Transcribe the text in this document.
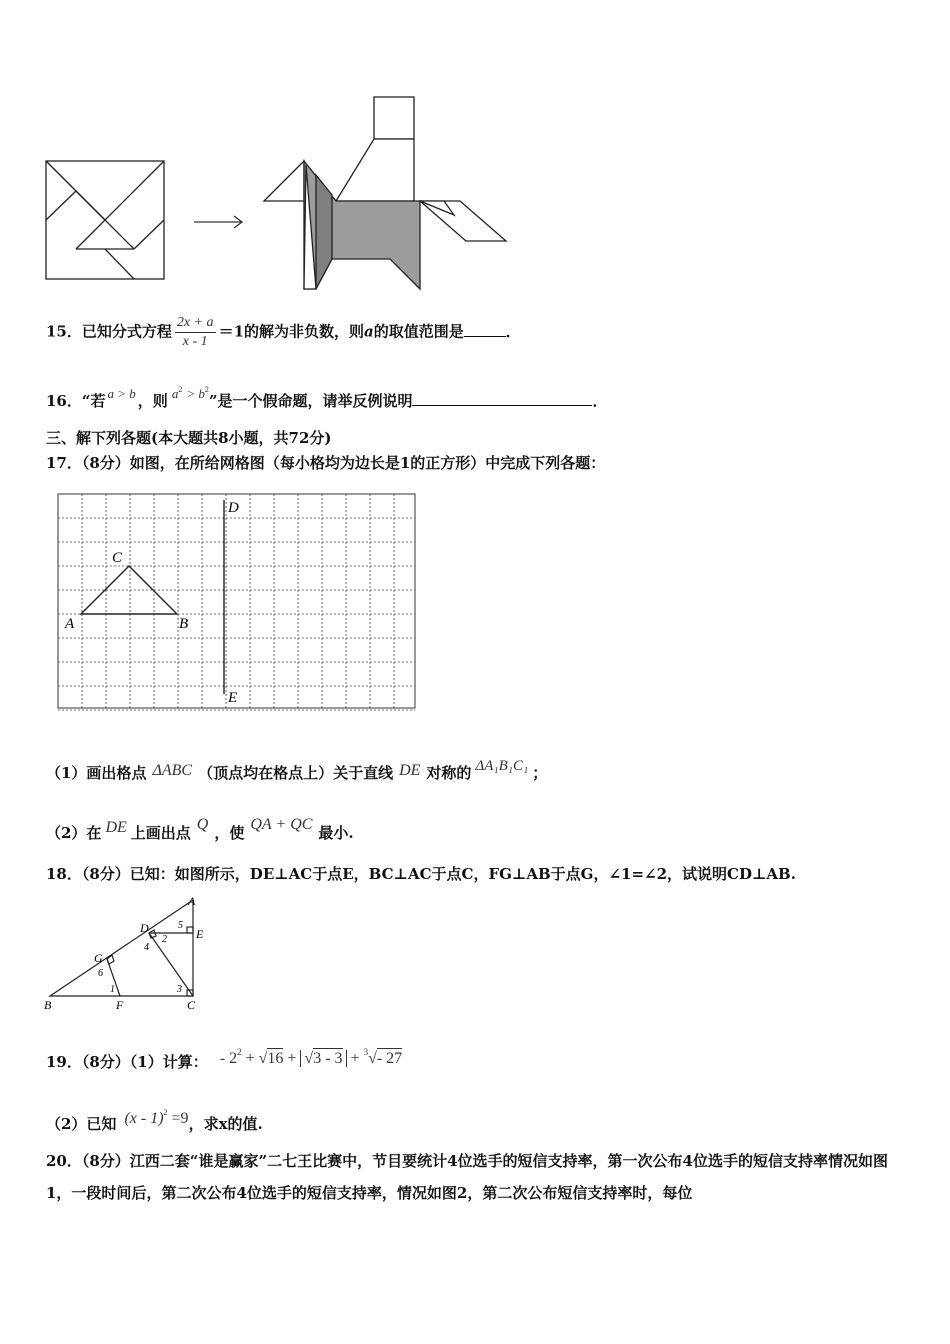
15．已知分式方程 $\frac{2x + a}{x - 1} =1$的解为非负数，则a的取值范围是	．
16．“若 a > b ，则 $a^2 > b^2$”是一个假命题，请举反例说明	．
三、解下列各题(本大题共8小题，共72分)
17．（8分）如图，在所给网格图（每小格均为边长是1的正方形）中完成下列各题：
D
E
C
A	B
（1）画出格点 ΔABC （顶点均在格点上）关于直线 DE 对称的 ΔA₁B₁C₁ ；
（2）在 DE 上画出点 Q ，使 QA + QC 最小.
18．（8分）已知：如图所示，DE⊥AC于点E，BC⊥AC于点C，FG⊥AB于点G，∠1=∠2，试说明CD⊥AB.
A
B	C
D	E
F
G
1
2
3
4
5
6
19．（8分）（1）计算： - $2^2 + √16 + √3 - 3 + ^3√-$ 27
（2）已知 (x - 1)$^2$ =9，求x的值.
20．（8分）江西二套“谁是赢家”二七王比赛中，节目要统计4位选手的短信支持率，第一次公布4位选手的短信支持率情况如图1，一段时间后，第二次公布4位选手的短信支持率，情况如图2，第二次公布短信支持率时，每位
